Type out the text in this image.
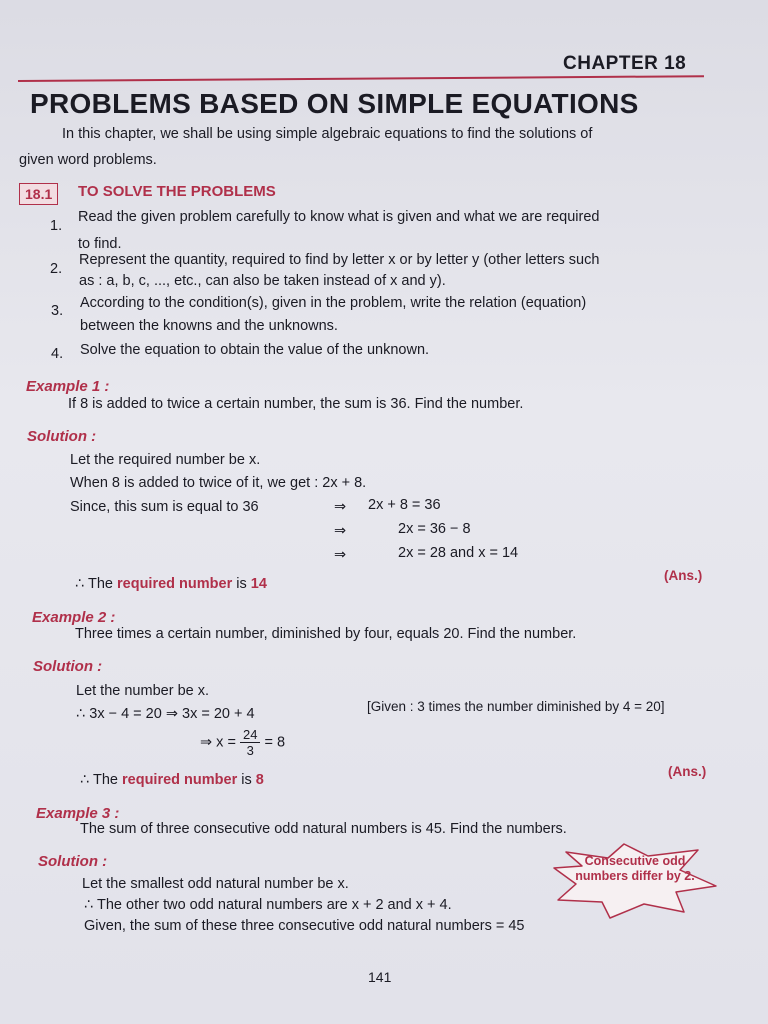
CHAPTER 18
PROBLEMS BASED ON SIMPLE EQUATIONS
In this chapter, we shall be using simple algebraic equations to find the solutions of
given word problems.
18.1	TO SOLVE THE PROBLEMS
1.
Read the given problem carefully to know what is given and what we are required
to find.
2.
Represent the quantity, required to find by letter x or by letter y (other letters such
as : a, b, c, ..., etc., can also be taken instead of x and y).
3. According to the condition(s), given in the problem, write the relation (equation)
between the knowns and the unknowns.
4. Solve the equation to obtain the value of the unknown.
Example 1 :
If 8 is added to twice a certain number, the sum is 36. Find the number.
Solution :
Let the required number be x.
When 8 is added to twice of it, we get : 2x + 8.
Since, this sum is equal to 36	⇒ 2x + 8 = 36
⇒	2x = 36 − 8
⇒	2x = 28 and x = 14
∴ The required number is 14
(Ans.)
Example 2 :
Three times a certain number, diminished by four, equals 20. Find the number.
Solution :
Let the number be x.
∴ 3x − 4 = 20 ⇒ 3x = 20 + 4	[Given : 3 times the number diminished by 4 = 20]
⇒ $x = \frac{24}{3} = 8$
∴ The required number is 8
(Ans.)
Example 3 :
The sum of three consecutive odd natural numbers is 45. Find the numbers.
Solution :
Let the smallest odd natural number be x.
∴ The other two odd natural numbers are x + 2 and x + 4.
Given, the sum of these three consecutive odd natural numbers = 45
Consecutive odd numbers differ by 2.
141
